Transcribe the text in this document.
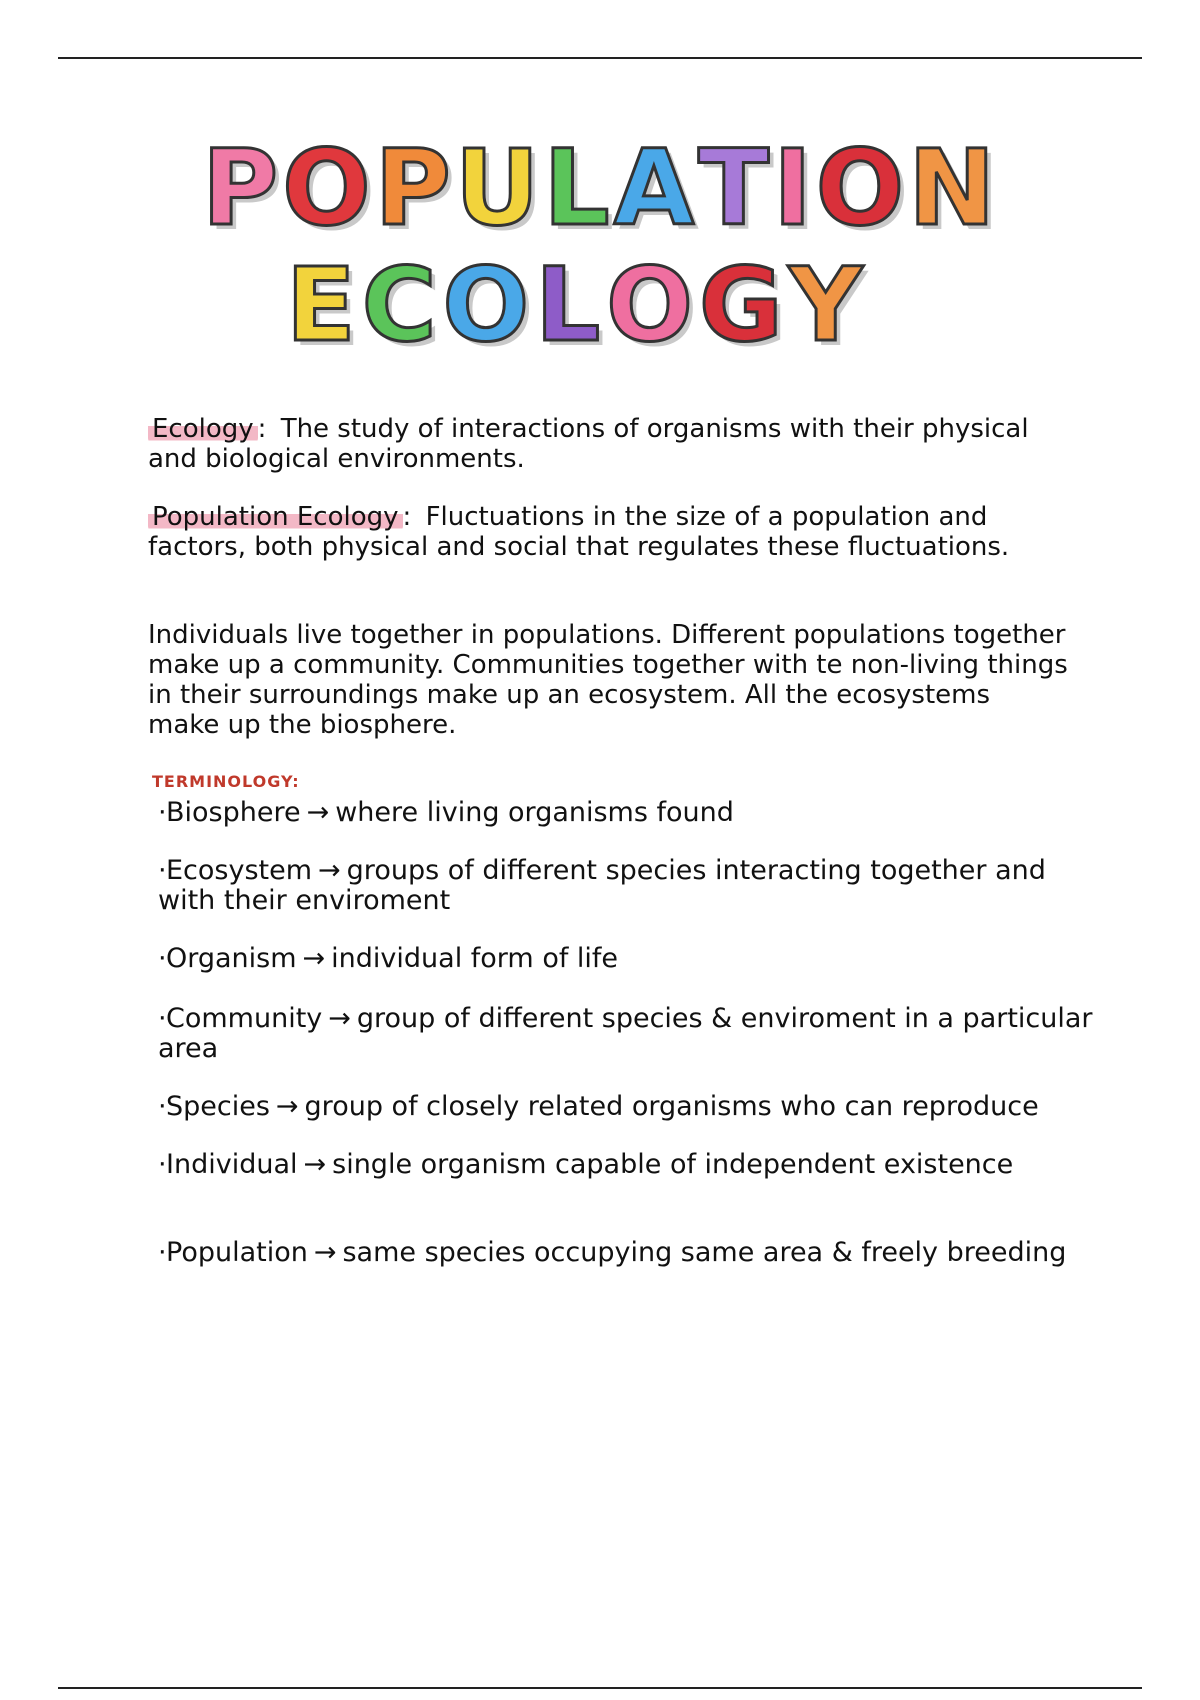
P O P U L A T I O N
E C O L O G Y

Ecology : The study of interactions of organisms with their physical and biological environments.

Population Ecology : Fluctuations in the size of a population and factors, both physical and social that regulates these fluctuations.

Individuals live together in populations. Different populations together make up a community. Communities together with te non-living things in their surroundings make up an ecosystem. All the ecosystems make up the biosphere.

TERMINOLOGY:
·Biosphere → where living organisms found
·Ecosystem → groups of different species interacting together and with their enviroment
·Organism → individual form of life
·Community → group of different species & enviroment in a particular area
·Species → group of closely related organisms who can reproduce
·Individual → single organism capable of independent existence
·Population → same species occupying same area & freely breeding
